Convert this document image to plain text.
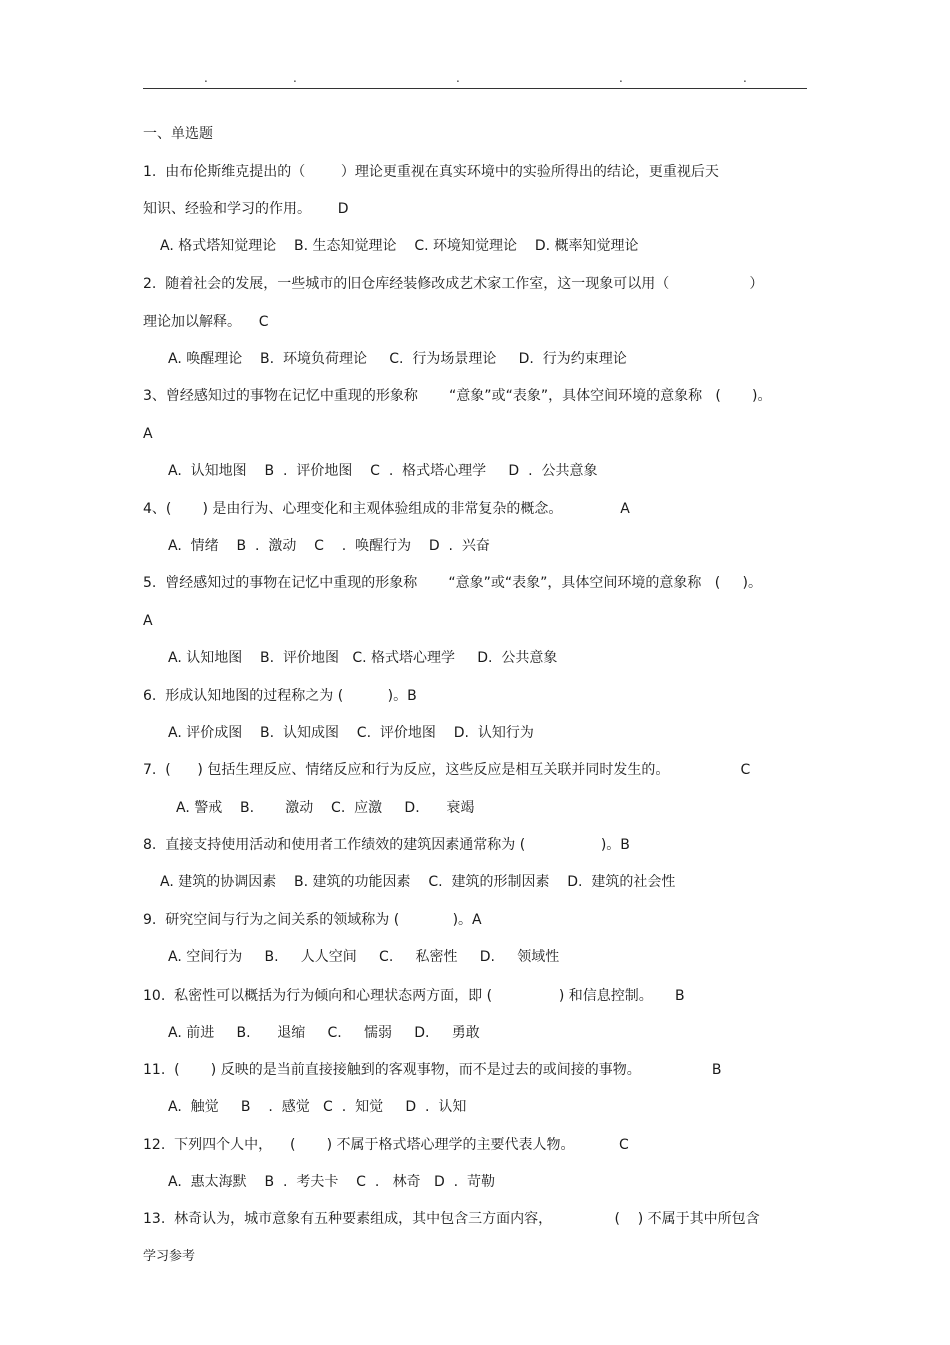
.	.	.	.	.
一、单选题
1.  由布伦斯维克提出的（        ）理论更重视在真实环境中的实验所得出的结论，更重视后天
知识、经验和学习的作用。      D
A. 格式塔知觉理论    B. 生态知觉理论    C. 环境知觉理论    D. 概率知觉理论
2.  随着社会的发展，一些城市的旧仓库经装修改成艺术家工作室，这一现象可以用（                  ）
理论加以解释。    C
A. 唤醒理论    B.  环境负荷理论     C.  行为场景理论     D.  行为约束理论
3、曾经感知过的事物在记忆中重现的形象称       “意象”或“表象”，具体空间环境的意象称   (       )。
A
A.  认知地图    B  .  评价地图    C  .  格式塔心理学     D  .  公共意象
4、(       ) 是由行为、心理变化和主观体验组成的非常复杂的概念。             A
A.  情绪    B  .  激动    C    .  唤醒行为    D  .  兴奋
5.  曾经感知过的事物在记忆中重现的形象称       “意象”或“表象”，具体空间环境的意象称   (     )。
A
A. 认知地图    B.  评价地图   C. 格式塔心理学     D.  公共意象
6.  形成认知地图的过程称之为 (          )。B
A. 评价成图    B.  认知成图    C.  评价地图    D.  认知行为
7.  (      ) 包括生理反应、情绪反应和行为反应，这些反应是相互关联并同时发生的。                C
A. 警戒    B.       激动    C.  应激     D.      衰竭
8.  直接支持使用活动和使用者工作绩效的建筑因素通常称为 (                 )。B
A. 建筑的协调因素    B. 建筑的功能因素    C.  建筑的形制因素    D.  建筑的社会性
9.  研究空间与行为之间关系的领域称为 (            )。A
A. 空间行为     B.     人人空间     C.     私密性     D.     领域性
10.  私密性可以概括为行为倾向和心理状态两方面，即 (               ) 和信息控制。     B
A. 前进     B.      退缩     C.     懦弱     D.     勇敢
11.  (       ) 反映的是当前直接接触到的客观事物，而不是过去的或间接的事物。                B
A.  触觉     B    .  感觉   C  .  知觉     D  .  认知
12.  下列四个人中，    (       ) 不属于格式塔心理学的主要代表人物。          C
A.  惠太海默    B  .  考夫卡    C  .   林奇   D  .  苛勒
13.  林奇认为，城市意象有五种要素组成，其中包含三方面内容，              (    ) 不属于其中所包含
学习参考
